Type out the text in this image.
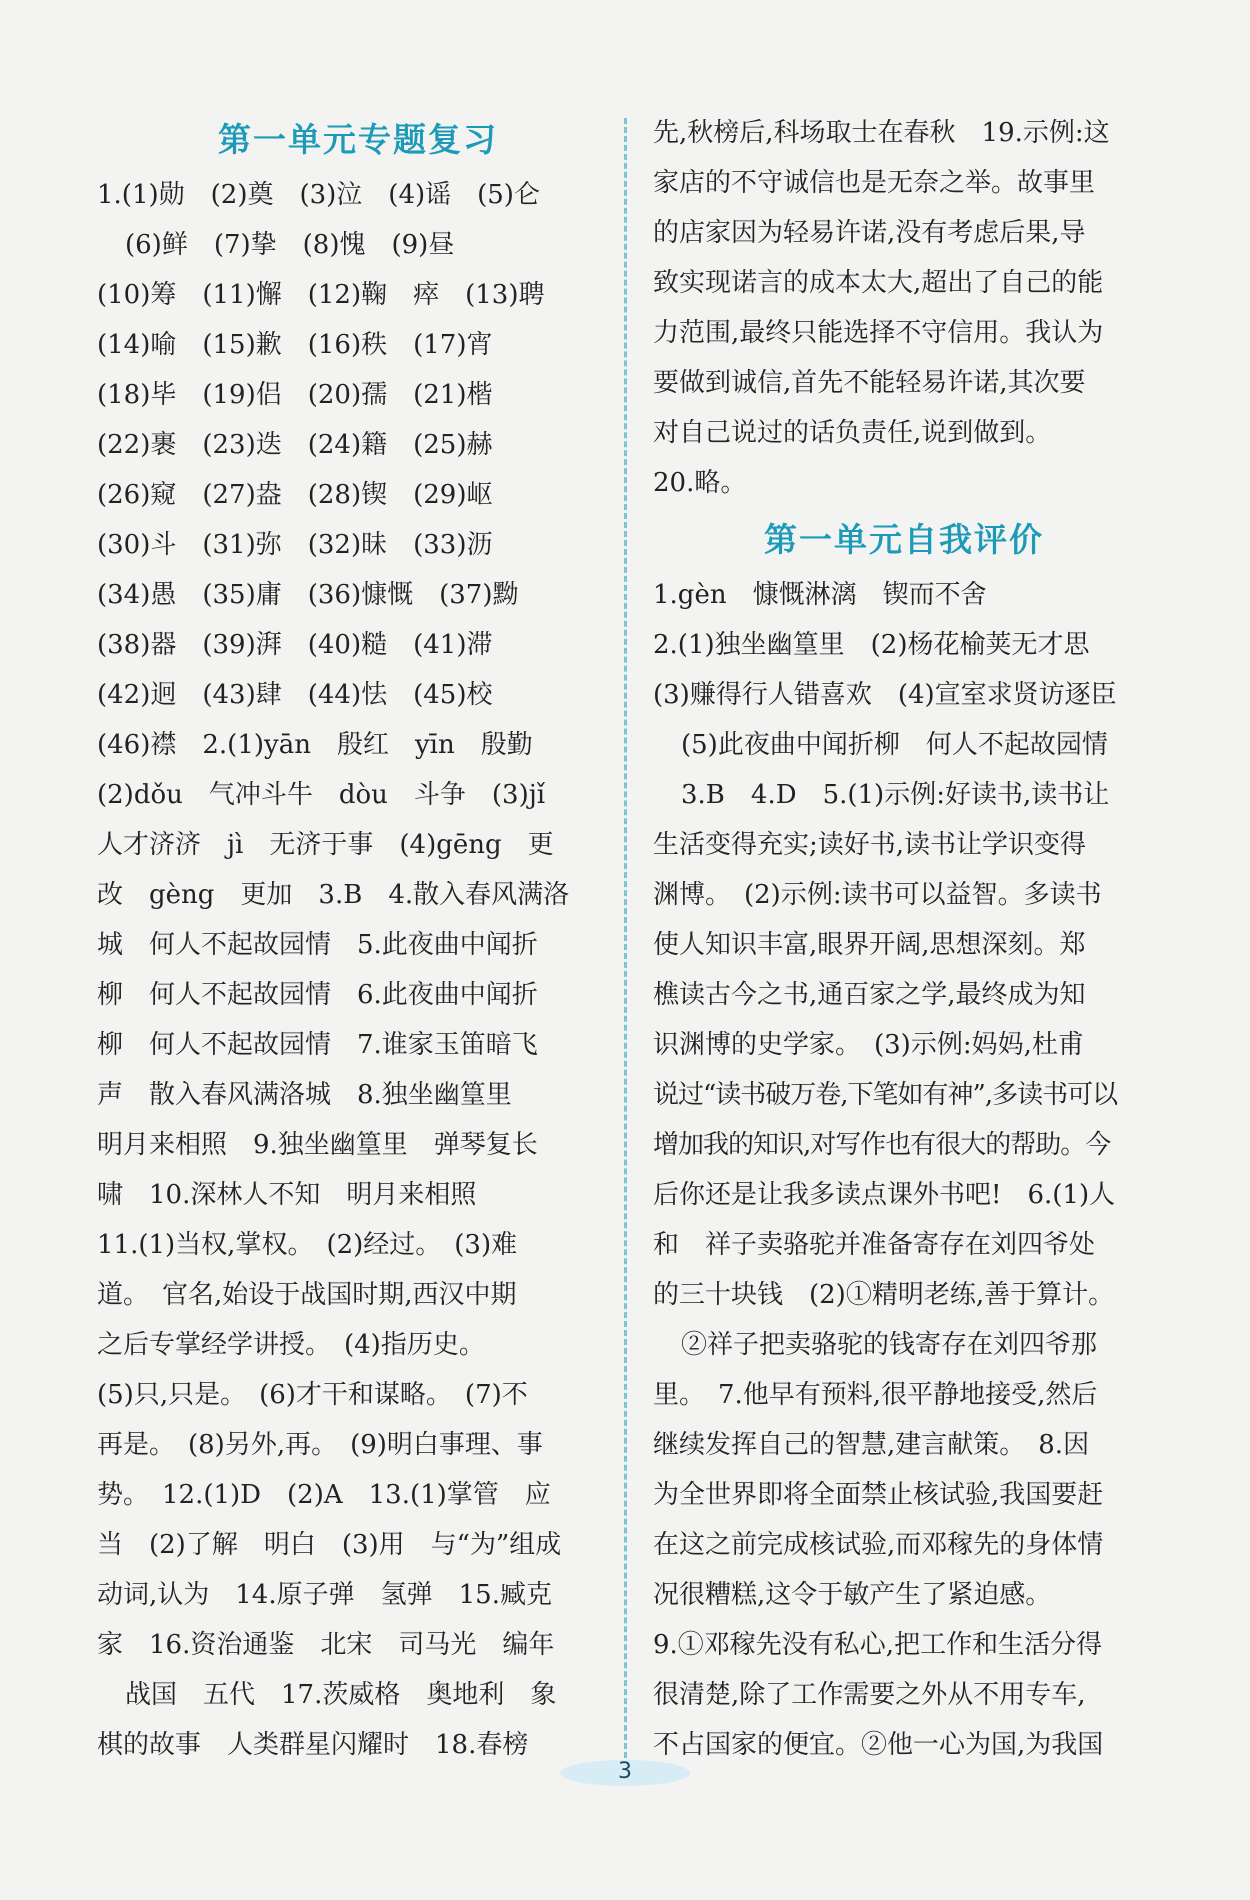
第一单元专题复习
1.(1)勋　(2)奠　(3)泣　(4)谣　(5)仑
(6)鲜　(7)挚　(8)愧　(9)昼
(10)筹　(11)懈　(12)鞠　瘁　(13)聘
(14)喻　(15)歉　(16)秩　(17)宵
(18)毕　(19)侣　(20)孺　(21)楷
(22)裹　(23)迭　(24)籍　(25)赫
(26)窥　(27)盎　(28)锲　(29)岖
(30)斗　(31)弥　(32)昧　(33)沥
(34)愚　(35)庸　(36)慷慨　(37)黝
(38)器　(39)湃　(40)糙　(41)滞
(42)迥　(43)肆　(44)怯　(45)校
(46)襟　2.(1)yān　殷红　yīn　殷勤
(2)dǒu　气冲斗牛　dòu　斗争　(3)jǐ
人才济济　jì　无济于事　(4)gēng　更
改　gèng　更加　3.B　4.散入春风满洛
城　何人不起故园情　5.此夜曲中闻折
柳　何人不起故园情　6.此夜曲中闻折
柳　何人不起故园情　7.谁家玉笛暗飞
声　散入春风满洛城　8.独坐幽篁里
明月来相照　9.独坐幽篁里　弹琴复长
啸　10.深林人不知　明月来相照
11.(1)当权,掌权。　(2)经过。　(3)难
道。　官名,始设于战国时期,西汉中期
之后专掌经学讲授。　(4)指历史。
(5)只,只是。　(6)才干和谋略。　(7)不
再是。　(8)另外,再。　(9)明白事理、事
势。　12.(1)D　(2)A　13.(1)掌管　应
当　(2)了解　明白　(3)用　与“为”组成
动词,认为　14.原子弹　氢弹　15.臧克
家　16.资治通鉴　北宋　司马光　编年
战国　五代　17.茨威格　奥地利　象
棋的故事　人类群星闪耀时　18.春榜
先,秋榜后,科场取士在春秋　19.示例:这
家店的不守诚信也是无奈之举。故事里
的店家因为轻易许诺,没有考虑后果,导
致实现诺言的成本太大,超出了自己的能
力范围,最终只能选择不守信用。我认为
要做到诚信,首先不能轻易许诺,其次要
对自己说过的话负责任,说到做到。
20.略。
第一单元自我评价
1.gèn　慷慨淋漓　锲而不舍
2.(1)独坐幽篁里　(2)杨花榆荚无才思
(3)赚得行人错喜欢　(4)宣室求贤访逐臣
(5)此夜曲中闻折柳　何人不起故园情
3.B　4.D　5.(1)示例:好读书,读书让
生活变得充实;读好书,读书让学识变得
渊博。　(2)示例:读书可以益智。多读书
使人知识丰富,眼界开阔,思想深刻。郑
樵读古今之书,通百家之学,最终成为知
识渊博的史学家。　(3)示例:妈妈,杜甫
说过“读书破万卷,下笔如有神”,多读书可以
增加我的知识,对写作也有很大的帮助。今
后你还是让我多读点课外书吧!　6.(1)人
和　祥子卖骆驼并准备寄存在刘四爷处
的三十块钱　(2)①精明老练,善于算计。
②祥子把卖骆驼的钱寄存在刘四爷那
里。　7.他早有预料,很平静地接受,然后
继续发挥自己的智慧,建言献策。　8.因
为全世界即将全面禁止核试验,我国要赶
在这之前完成核试验,而邓稼先的身体情
况很糟糕,这令于敏产生了紧迫感。
9.①邓稼先没有私心,把工作和生活分得
很清楚,除了工作需要之外从不用专车,
不占国家的便宜。②他一心为国,为我国
3
